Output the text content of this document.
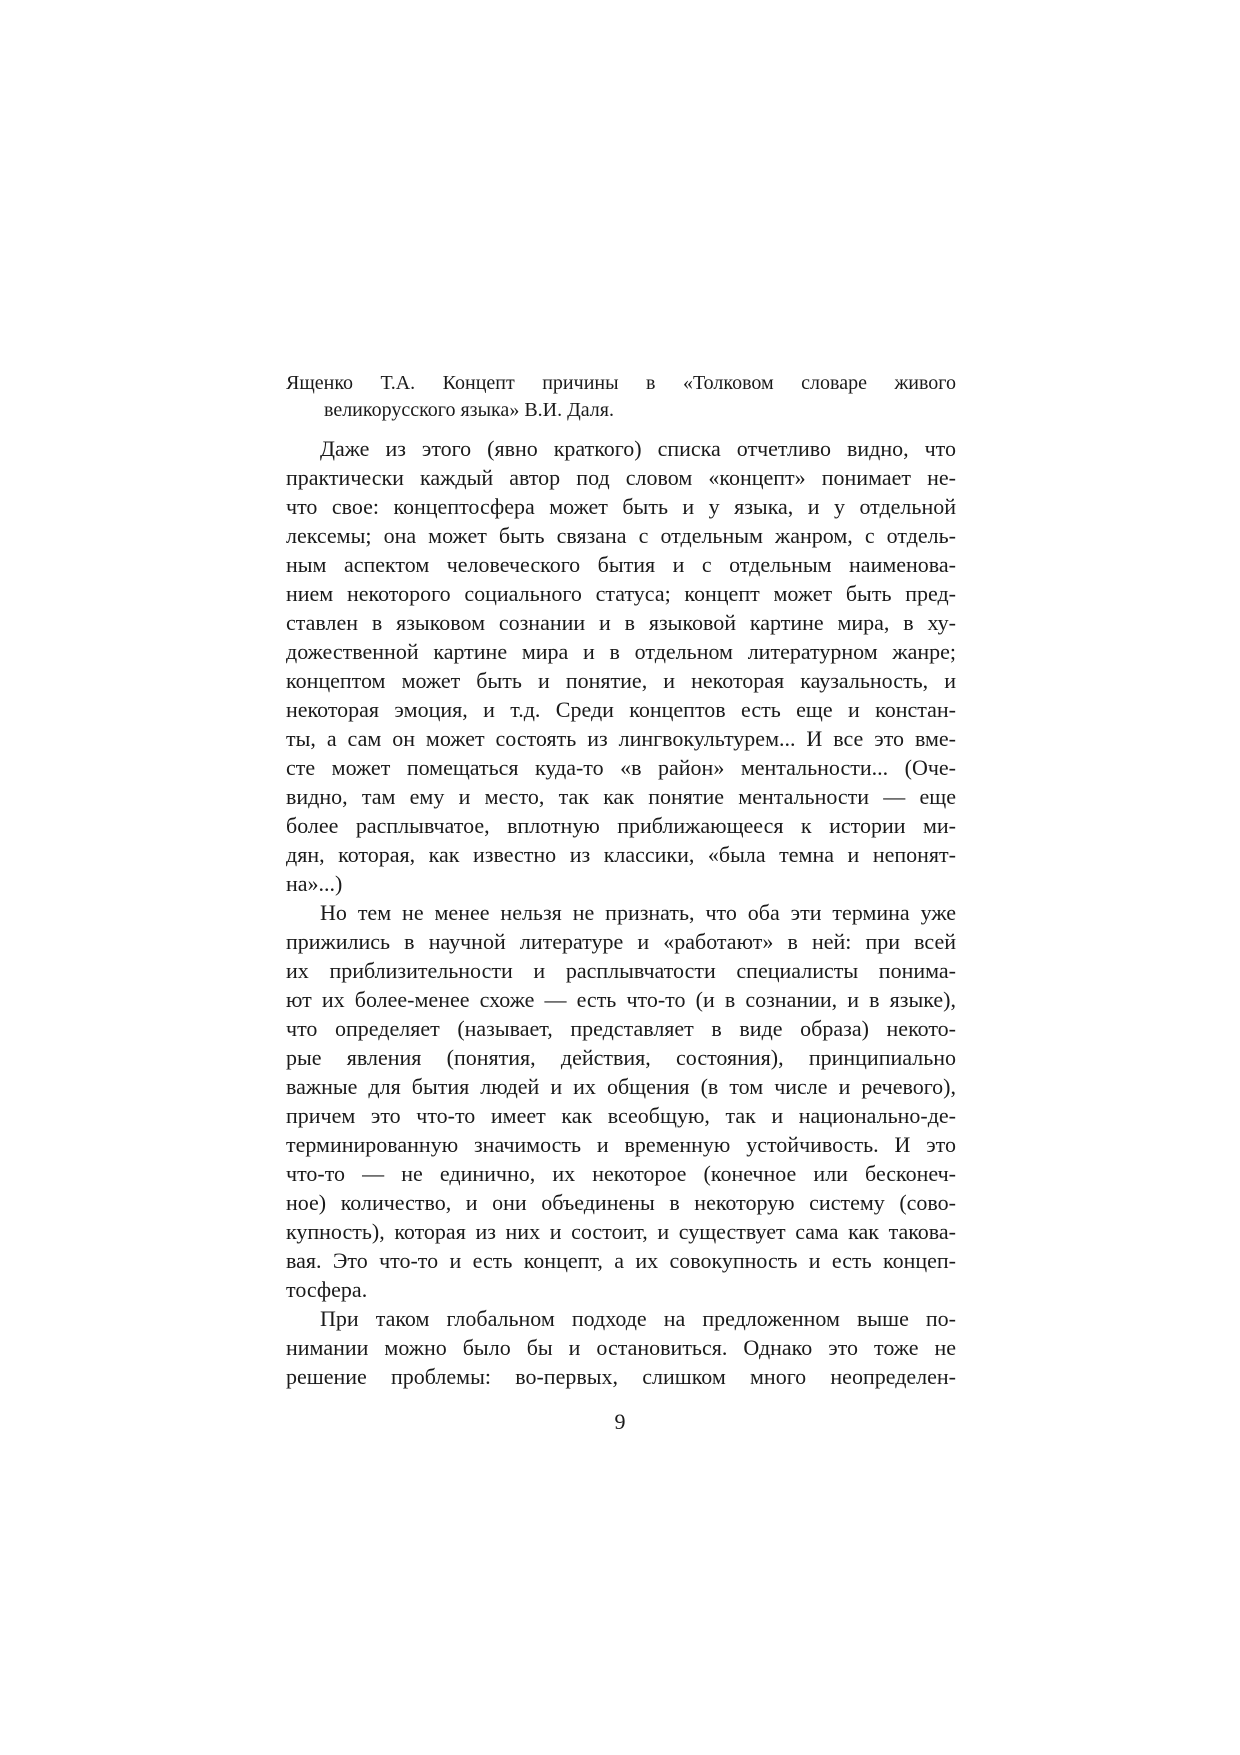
Ященко Т.А. Концепт причины в «Толковом словаре живого
великорусского языка» В.И. Даля.
Даже из этого (явно краткого) списка отчетливо видно, что
практически каждый автор под словом «концепт» понимает не-
что свое: концептосфера может быть и у языка, и у отдельной
лексемы; она может быть связана с отдельным жанром, с отдель-
ным аспектом человеческого бытия и с отдельным наименова-
нием некоторого социального статуса; концепт может быть пред-
ставлен в языковом сознании и в языковой картине мира, в ху-
дожественной картине мира и в отдельном литературном жанре;
концептом может быть и понятие, и некоторая каузальность, и
некоторая эмоция, и т.д. Среди концептов есть еще и констан-
ты, а сам он может состоять из лингвокультурем... И все это вме-
сте может помещаться куда-то «в район» ментальности... (Оче-
видно, там ему и место, так как понятие ментальности — еще
более расплывчатое, вплотную приближающееся к истории ми-
дян, которая, как известно из классики, «была темна и непонят-
на»...)
Но тем не менее нельзя не признать, что оба эти термина уже
прижились в научной литературе и «работают» в ней: при всей
их приблизительности и расплывчатости специалисты понима-
ют их более-менее схоже — есть что-то (и в сознании, и в языке),
что определяет (называет, представляет в виде образа) некото-
рые явления (понятия, действия, состояния), принципиально
важные для бытия людей и их общения (в том числе и речевого),
причем это что-то имеет как всеобщую, так и национально-де-
терминированную значимость и временную устойчивость. И это
что-то — не единично, их некоторое (конечное или бесконеч-
ное) количество, и они объединены в некоторую систему (сово-
купность), которая из них и состоит, и существует сама как такова-
вая. Это что-то и есть концепт, а их совокупность и есть концеп-
тосфера.
При таком глобальном подходе на предложенном выше по-
нимании можно было бы и остановиться. Однако это тоже не
решение проблемы: во-первых, слишком много неопределен-
9
